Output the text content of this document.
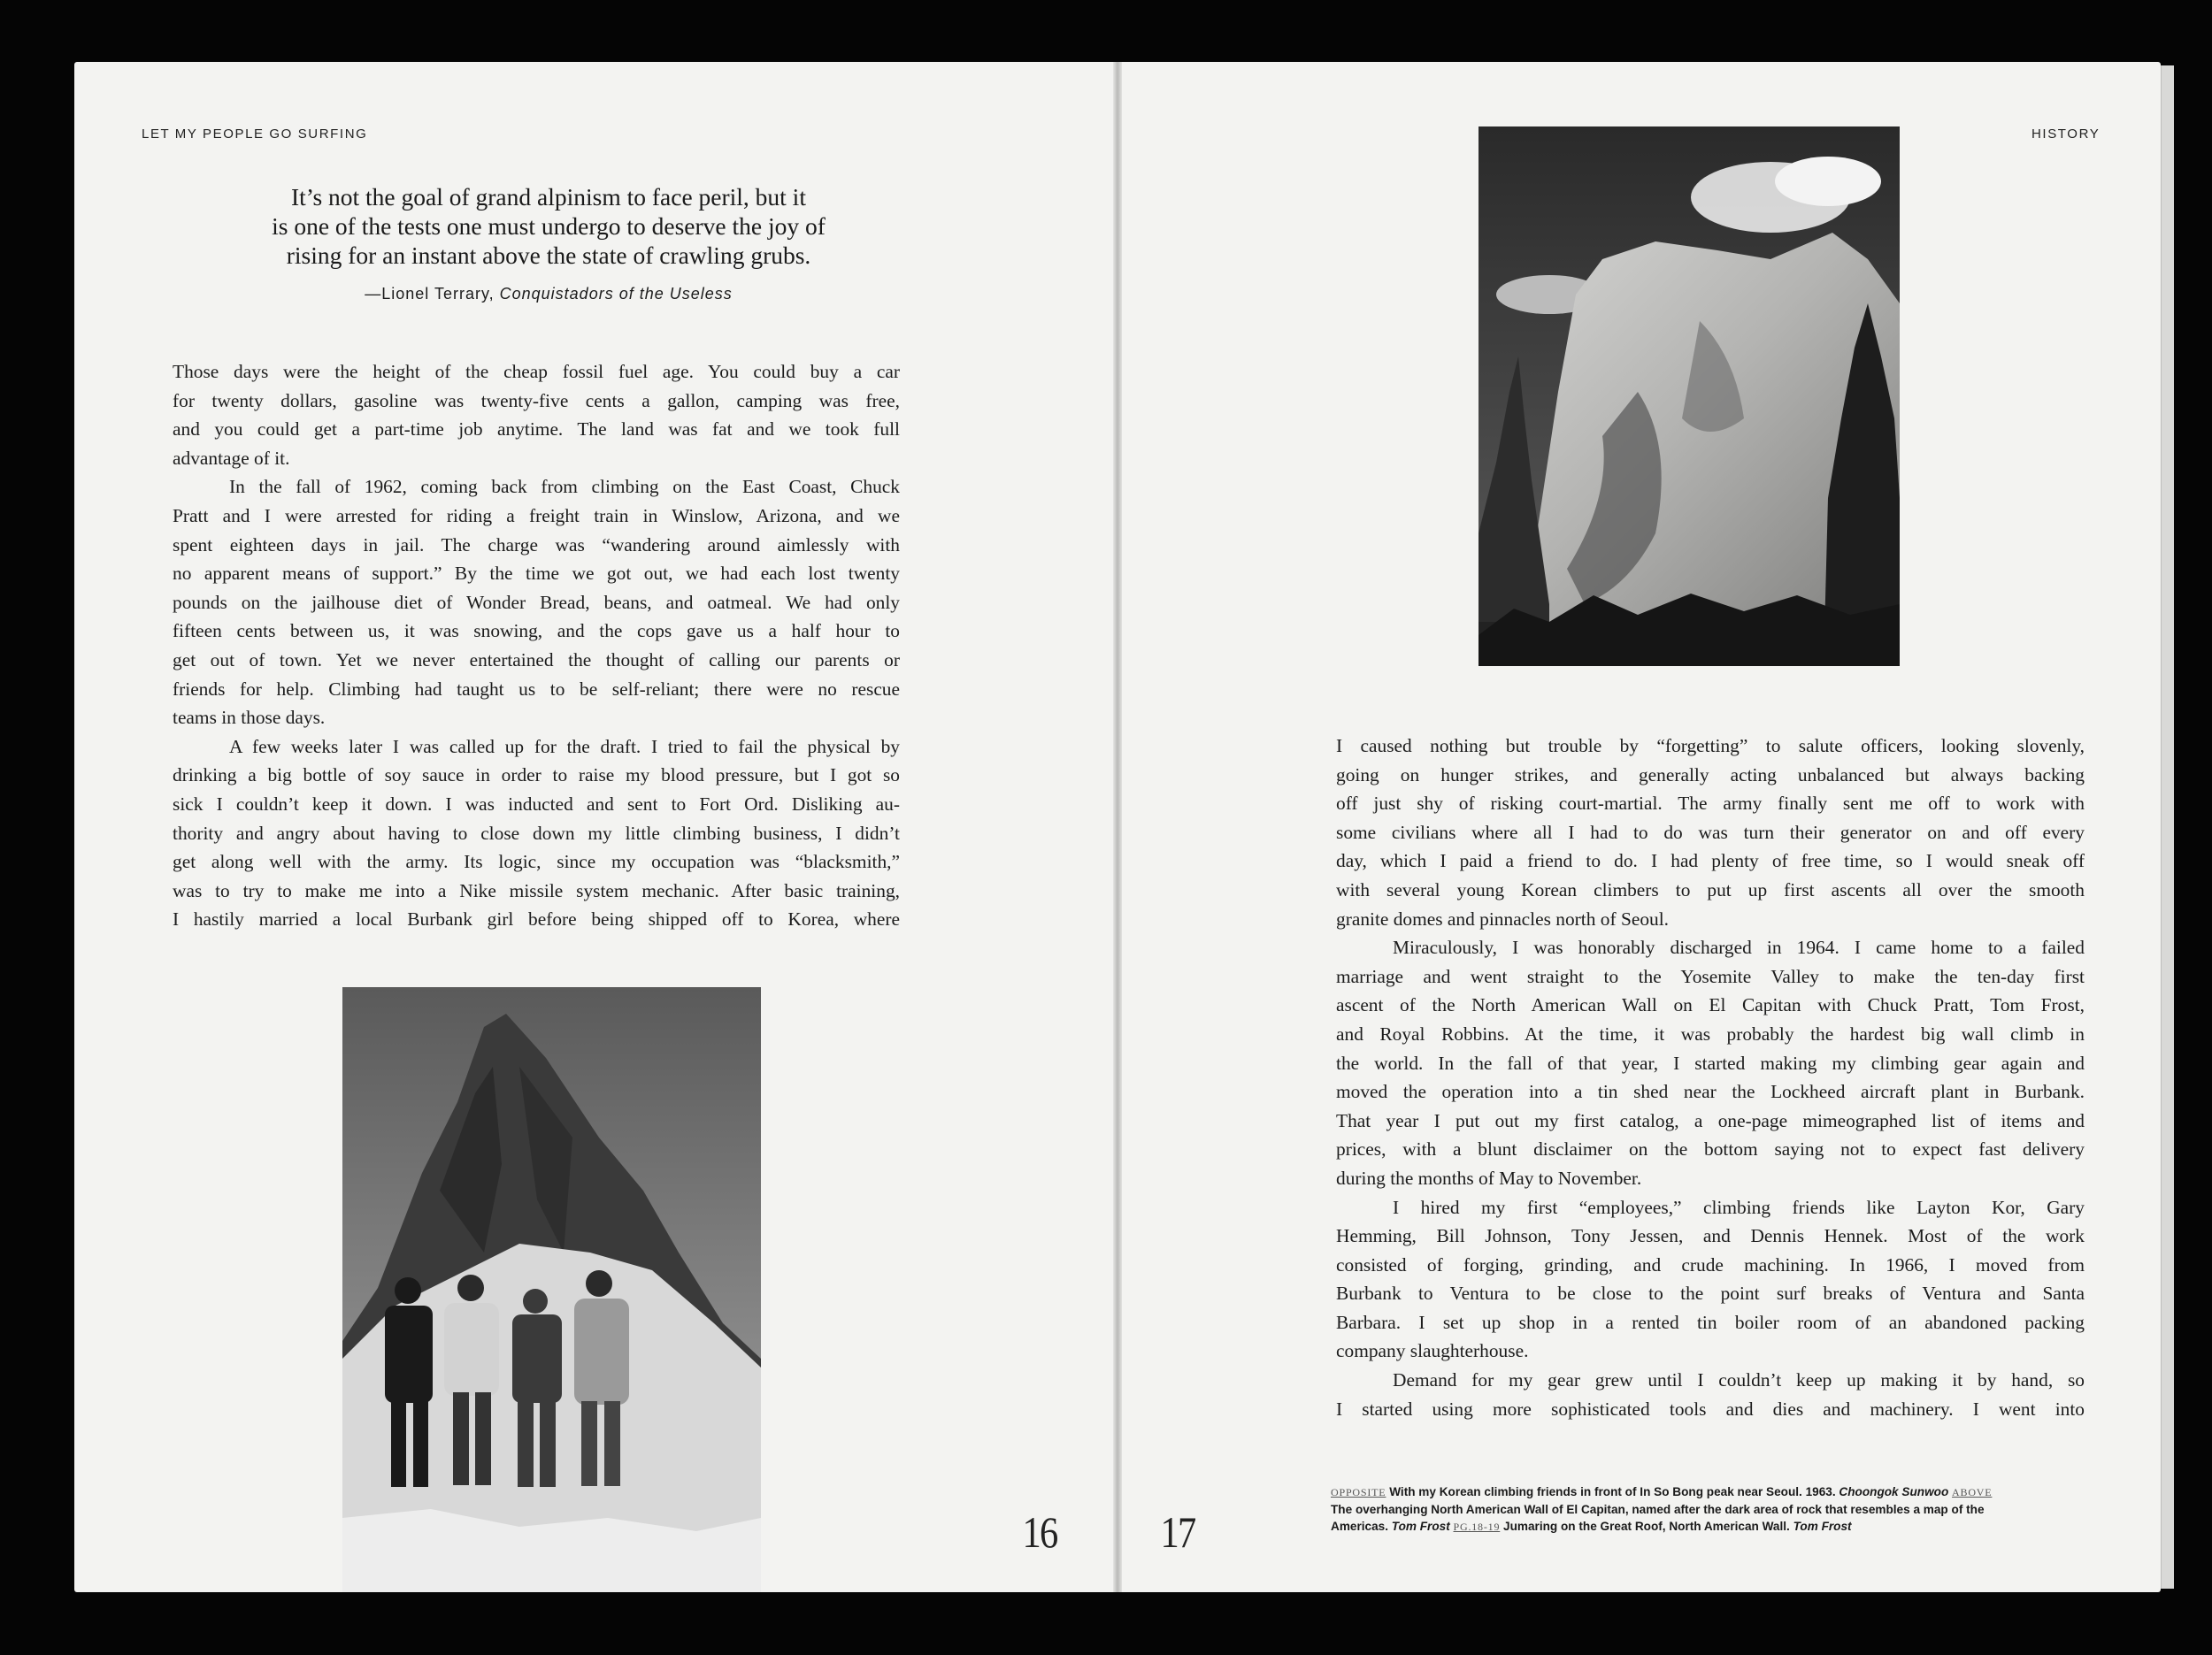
LET MY PEOPLE GO SURFING	HISTORY
It’s not the goal of grand alpinism to face peril, but it
is one of the tests one must undergo to deserve the joy of
rising for an instant above the state of crawling grubs.
—Lionel Terrary, Conquistadors of the Useless

Those days were the height of the cheap fossil fuel age. You could buy a car

for twenty dollars, gasoline was twenty-five cents a gallon, camping was free,

and you could get a part-time job anytime. The land was fat and we took full

advantage of it.

In the fall of 1962, coming back from climbing on the East Coast, Chuck

Pratt and I were arrested for riding a freight train in Winslow, Arizona, and we

spent eighteen days in jail. The charge was “wandering around aimlessly with

no apparent means of support.” By the time we got out, we had each lost twenty

pounds on the jailhouse diet of Wonder Bread, beans, and oatmeal. We had only

fifteen cents between us, it was snowing, and the cops gave us a half hour to

get out of town. Yet we never entertained the thought of calling our parents or

friends for help. Climbing had taught us to be self-reliant; there were no rescue

teams in those days.

A few weeks later I was called up for the draft. I tried to fail the physical by

drinking a big bottle of soy sauce in order to raise my blood pressure, but I got so

sick I couldn’t keep it down. I was inducted and sent to Fort Ord. Disliking au-

thority and angry about having to close down my little climbing business, I didn’t

get along well with the army. Its logic, since my occupation was “blacksmith,”

was to try to make me into a Nike missile system mechanic. After basic training,

I hastily married a local Burbank girl before being shipped off to Korea, where

I caused nothing but trouble by “forgetting” to salute officers, looking slovenly,

going on hunger strikes, and generally acting unbalanced but always backing

off just shy of risking court-martial. The army finally sent me off to work with

some civilians where all I had to do was turn their generator on and off every

day, which I paid a friend to do. I had plenty of free time, so I would sneak off

with several young Korean climbers to put up first ascents all over the smooth

granite domes and pinnacles north of Seoul.

Miraculously, I was honorably discharged in 1964. I came home to a failed

marriage and went straight to the Yosemite Valley to make the ten-day first

ascent of the North American Wall on El Capitan with Chuck Pratt, Tom Frost,

and Royal Robbins. At the time, it was probably the hardest big wall climb in

the world. In the fall of that year, I started making my climbing gear again and

moved the operation into a tin shed near the Lockheed aircraft plant in Burbank.

That year I put out my first catalog, a one-page mimeographed list of items and

prices, with a blunt disclaimer on the bottom saying not to expect fast delivery

during the months of May to November.

I hired my first “employees,” climbing friends like Layton Kor, Gary

Hemming, Bill Johnson, Tony Jessen, and Dennis Hennek. Most of the work

consisted of forging, grinding, and crude machining. In 1966, I moved from

Burbank to Ventura to be close to the point surf breaks of Ventura and Santa

Barbara. I set up shop in a rented tin boiler room of an abandoned packing

company slaughterhouse.

Demand for my gear grew until I couldn’t keep up making it by hand, so

I started using more sophisticated tools and dies and machinery. I went into

16 17
OPPOSITE With my Korean climbing friends in front of In So Bong peak near Seoul. 1963. Choongok Sunwoo ABOVE The overhanging North American Wall of El Capitan, named after the dark area of rock that resembles a map of the Americas. Tom Frost PG.18-19 Jumaring on the Great Roof, North American Wall. Tom Frost
